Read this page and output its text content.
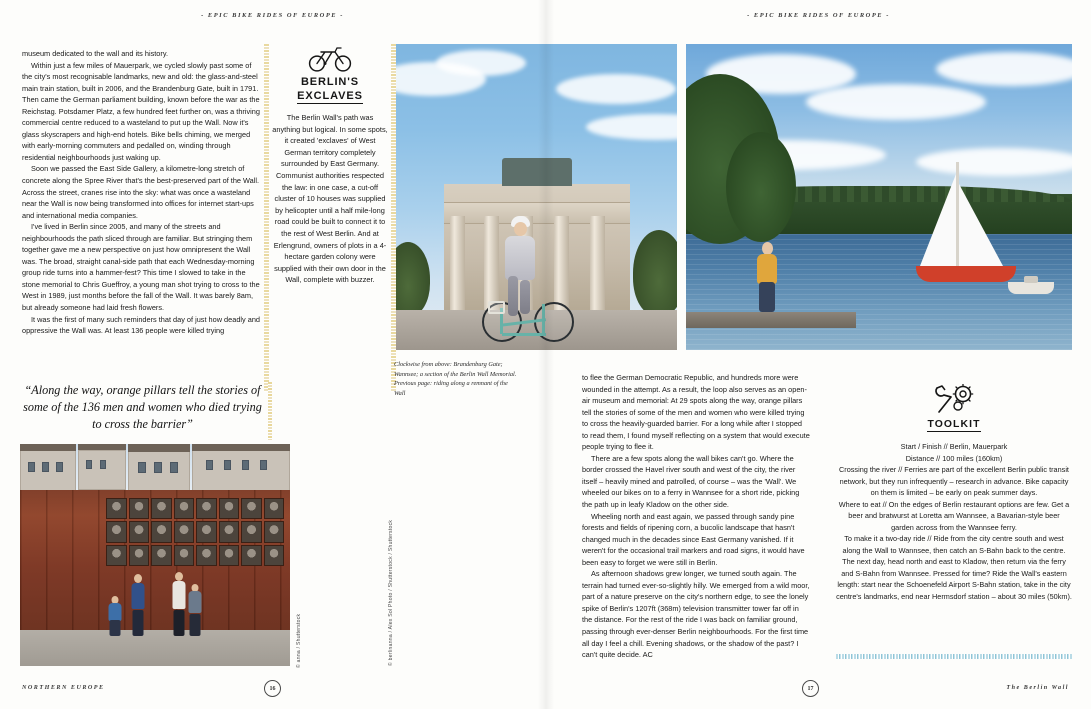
- EPIC BIKE RIDES OF EUROPE -

museum dedicated to the wall and its history.

Within just a few miles of Mauerpark, we cycled slowly past some of the city's most recognisable landmarks, new and old: the glass-and-steel main train station, built in 2006, and the Brandenburg Gate, built in 1791. Then came the German parliament building, known before the war as the Reichstag. Potsdamer Platz, a few hundred feet further on, was a thriving commercial centre reduced to a wasteland to put up the Wall. Now it's glass skyscrapers and high-end hotels. Bike bells chiming, we merged with early-morning commuters and pedalled on, winding through residential neighbourhoods just waking up.

Soon we passed the East Side Gallery, a kilometre-long stretch of concrete along the Spree River that's the best-preserved part of the Wall. Across the street, cranes rise into the sky: what was once a wasteland near the Wall is now being transformed into offices for internet start-ups and international media companies.

I've lived in Berlin since 2005, and many of the streets and neighbourhoods the path sliced through are familiar. But stringing them together gave me a new perspective on just how omnipresent the Wall was. The broad, straight canal-side path that each Wednesday-morning group ride turns into a hammer-fest? This time I slowed to take in the stone memorial to Chris Gueffroy, a young man shot trying to cross to the West in 1989, just months before the fall of the Wall. It was barely 8am, but already someone had laid fresh flowers.

It was the first of many such reminders that day of just how deadly and oppressive the Wall was. At least 136 people were killed trying

BERLIN'S
EXCLAVES
The Berlin Wall's path was anything but logical. In some spots, it created 'exclaves' of West German territory completely surrounded by East Germany. Communist authorities respected the law: in one case, a cut-off cluster of 10 houses was supplied by helicopter until a half mile-long road could be built to connect it to the rest of West Berlin. And at Erlengrund, owners of plots in a 4-hectare garden colony were supplied with their own door in the Wall, complete with buzzer.
“Along the way, orange pillars tell the stories of some of the 136 men and women who died trying to cross the barrier”
© anna / Shutterstock
NORTHERN EUROPE	16
- EPIC BIKE RIDES OF EUROPE -
The Berlin Wall
Clockwise from above: Brandenburg Gate; Wannsee; a section of the Berlin Wall Memorial. Previous page: riding along a remnant of the Wall
© berlinanna / Alex Sol Photo / Shutterstock / Shutterstock

to flee the German Democratic Republic, and hundreds more were wounded in the attempt. As a result, the loop also serves as an open-air museum and memorial: At 29 spots along the way, orange pillars tell the stories of some of the men and women who were killed trying to cross the heavily-guarded barrier. For a long while after I stopped to read them, I found myself reflecting on a system that would execute people trying to flee it.

There are a few spots along the wall bikes can't go. Where the border crossed the Havel river south and west of the city, the river itself – heavily mined and patrolled, of course – was the 'Wall'. We wheeled our bikes on to a ferry in Wannsee for a short ride, picking the path up in leafy Kladow on the other side.

Wheeling north and east again, we passed through sandy pine forests and fields of ripening corn, a bucolic landscape that hasn't changed much in the decades since East Germany vanished. If it weren't for the occasional trail markers and road signs, it would have been easy to forget we were still in Berlin.

As afternoon shadows grew longer, we turned south again. The terrain had turned ever-so-slightly hilly. We emerged from a wild moor, part of a nature preserve on the city's northern edge, to see the lonely spike of Berlin's 1207ft (368m) television transmitter tower far off in the distance. For the rest of the ride I was back on familiar ground, passing through ever-denser Berlin neighbourhoods. For the first time all day I feel a chill. Evening shadows, or the shadow of the past? I can't quite decide. AC

TOOLKIT

Start / Finish // Berlin, Mauerpark

Distance // 100 miles (160km)

Crossing the river // Ferries are part of the excellent Berlin public transit network, but they run infrequently – research in advance. Bike capacity on them is limited – be early on peak summer days.

Where to eat // On the edges of Berlin restaurant options are few. Get a beer and bratwurst at Loretta am Wannsee, a Bavarian-style beer garden across from the Wannsee ferry.

To make it a two-day ride // Ride from the city centre south and west along the Wall to Wannsee, then catch an S-Bahn back to the centre. The next day, head north and east to Kladow, then return via the ferry and S-Bahn from Wannsee. Pressed for time? Ride the Wall's eastern length: start near the Schoenefeld Airport S-Bahn station, take in the city centre's landmarks, end near Hermsdorf station – about 30 miles (50km).

17
